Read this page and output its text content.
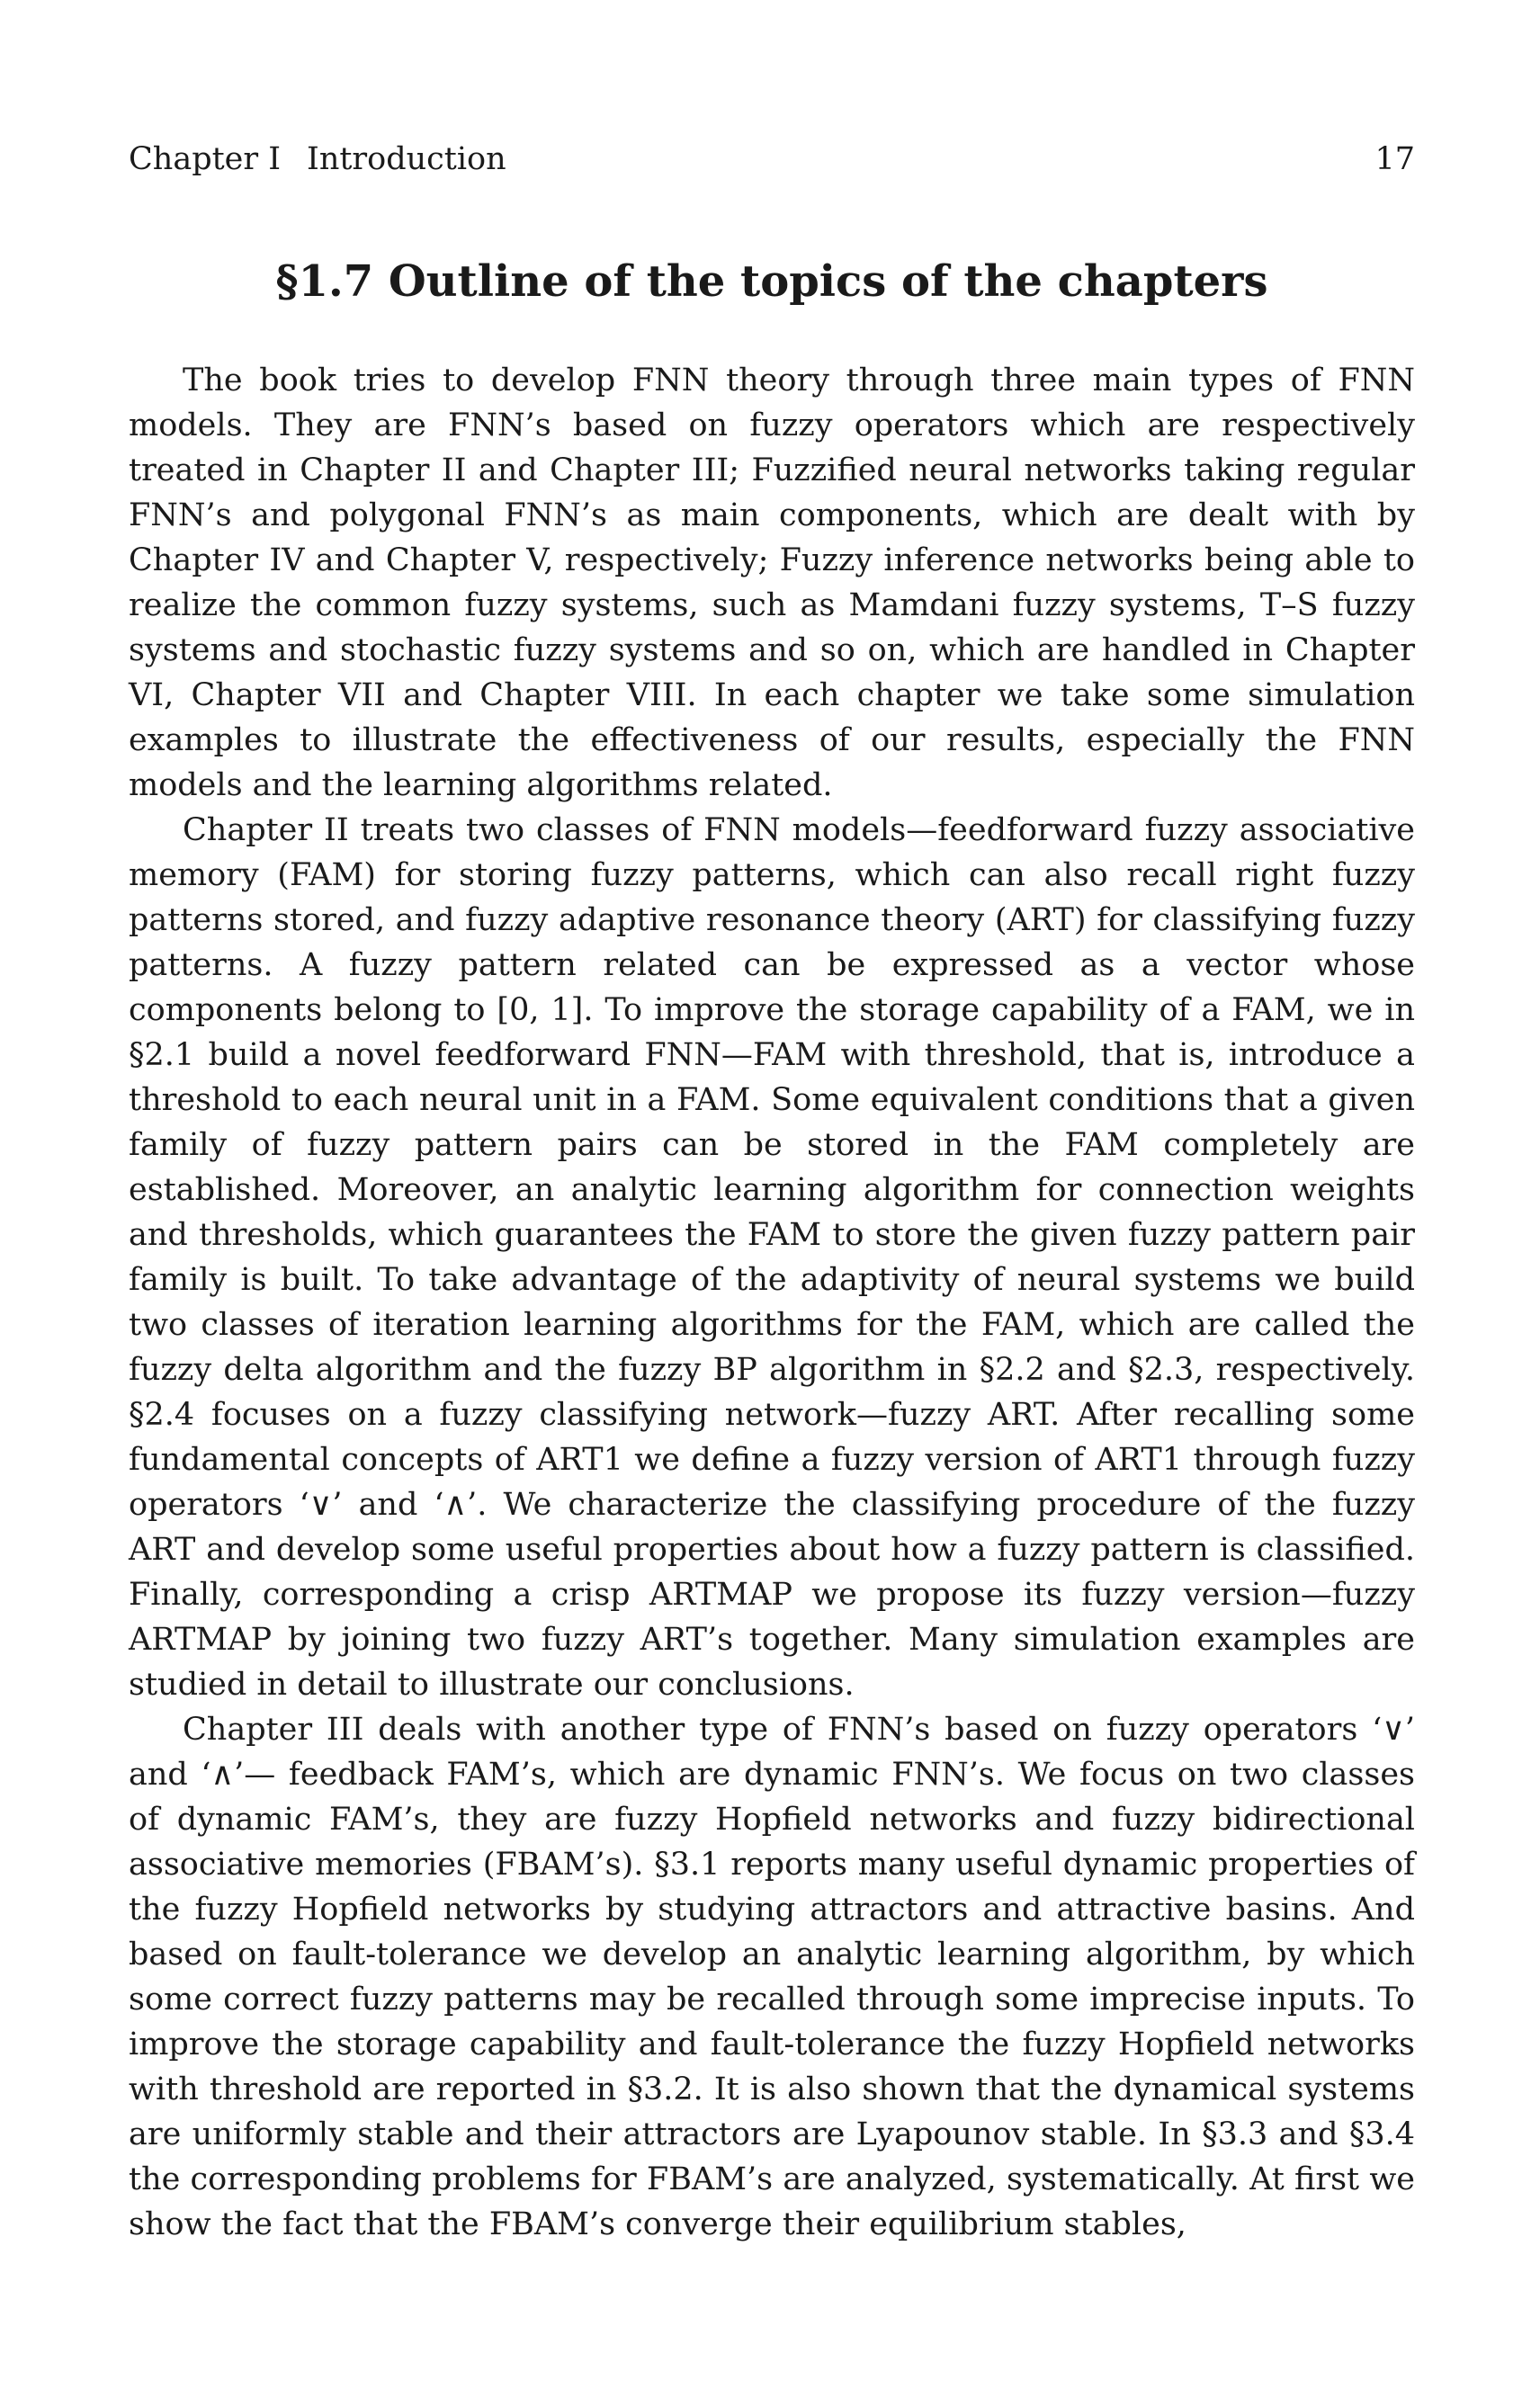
Chapter I Introduction	17
§1.7 Outline of the topics of the chapters

The book tries to develop FNN theory through three main types of FNN models. They are FNN’s based on fuzzy operators which are respectively treated in Chapter II and Chapter III; Fuzzified neural networks taking regular FNN’s and polygonal FNN’s as main components, which are dealt with by Chapter IV and Chapter V, respectively; Fuzzy inference networks being able to realize the common fuzzy systems, such as Mamdani fuzzy systems, T–S fuzzy systems and stochastic fuzzy systems and so on, which are handled in Chapter VI, Chapter VII and Chapter VIII. In each chapter we take some simulation examples to illustrate the effectiveness of our results, especially the FNN models and the learning algorithms related.

Chapter II treats two classes of FNN models—feedforward fuzzy associative memory (FAM) for storing fuzzy patterns, which can also recall right fuzzy patterns stored, and fuzzy adaptive resonance theory (ART) for classifying fuzzy patterns. A fuzzy pattern related can be expressed as a vector whose components belong to [0, 1]. To improve the storage capability of a FAM, we in §2.1 build a novel feedforward FNN—FAM with threshold, that is, introduce a threshold to each neural unit in a FAM. Some equivalent conditions that a given family of fuzzy pattern pairs can be stored in the FAM completely are established. Moreover, an analytic learning algorithm for connection weights and thresholds, which guarantees the FAM to store the given fuzzy pattern pair family is built. To take advantage of the adaptivity of neural systems we build two classes of iteration learning algorithms for the FAM, which are called the fuzzy delta algorithm and the fuzzy BP algorithm in §2.2 and §2.3, respectively. §2.4 focuses on a fuzzy classifying network—fuzzy ART. After recalling some fundamental concepts of ART1 we define a fuzzy version of ART1 through fuzzy operators ‘∨’ and ‘∧’. We characterize the classifying procedure of the fuzzy ART and develop some useful properties about how a fuzzy pattern is classified. Finally, corresponding a crisp ARTMAP we propose its fuzzy version—fuzzy ARTMAP by joining two fuzzy ART’s together. Many simulation examples are studied in detail to illustrate our conclusions.

Chapter III deals with another type of FNN’s based on fuzzy operators ‘∨’ and ‘∧’— feedback FAM’s, which are dynamic FNN’s. We focus on two classes of dynamic FAM’s, they are fuzzy Hopfield networks and fuzzy bidirectional associative memories (FBAM’s). §3.1 reports many useful dynamic properties of the fuzzy Hopfield networks by studying attractors and attractive basins. And based on fault-tolerance we develop an analytic learning algorithm, by which some correct fuzzy patterns may be recalled through some imprecise inputs. To improve the storage capability and fault-tolerance the fuzzy Hopfield networks with threshold are reported in §3.2. It is also shown that the dynamical systems are uniformly stable and their attractors are Lyapounov stable. In §3.3 and §3.4 the corresponding problems for FBAM’s are analyzed, systematically. At first we show the fact that the FBAM’s converge their equilibrium stables,
